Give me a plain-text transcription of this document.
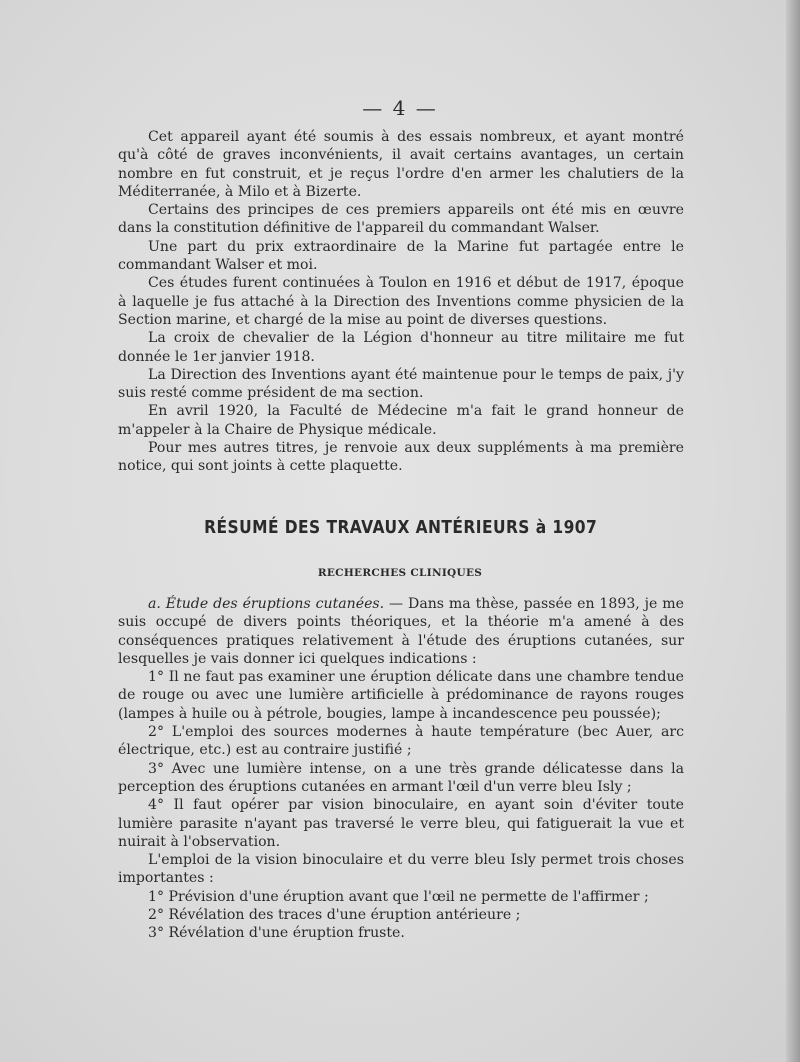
— 4 —

Cet appareil ayant été soumis à des essais nombreux, et ayant montré qu'à côté de graves inconvénients, il avait certains avantages, un certain nombre en fut construit, et je reçus l'ordre d'en armer les chalutiers de la Méditerranée, à Milo et à Bizerte.

Certains des principes de ces premiers appareils ont été mis en œuvre dans la constitution définitive de l'appareil du commandant Walser.

Une part du prix extraordinaire de la Marine fut partagée entre le commandant Walser et moi.

Ces études furent continuées à Toulon en 1916 et début de 1917, époque à laquelle je fus attaché à la Direction des Inventions comme physicien de la Section marine, et chargé de la mise au point de diverses questions.

La croix de chevalier de la Légion d'honneur au titre militaire me fut donnée le 1er janvier 1918.

La Direction des Inventions ayant été maintenue pour le temps de paix, j'y suis resté comme président de ma section.

En avril 1920, la Faculté de Médecine m'a fait le grand honneur de m'appeler à la Chaire de Physique médicale.

Pour mes autres titres, je renvoie aux deux suppléments à ma première notice, qui sont joints à cette plaquette.

RÉSUMÉ DES TRAVAUX ANTÉRIEURS à 1907
RECHERCHES CLINIQUES

a. Étude des éruptions cutanées. — Dans ma thèse, passée en 1893, je me suis occupé de divers points théoriques, et la théorie m'a amené à des conséquences pratiques relativement à l'étude des éruptions cutanées, sur lesquelles je vais donner ici quelques indications :

1° Il ne faut pas examiner une éruption délicate dans une chambre tendue de rouge ou avec une lumière artificielle à prédominance de rayons rouges (lampes à huile ou à pétrole, bougies, lampe à incandescence peu poussée);

2° L'emploi des sources modernes à haute température (bec Auer, arc électrique, etc.) est au contraire justifié ;

3° Avec une lumière intense, on a une très grande délicatesse dans la perception des éruptions cutanées en armant l'œil d'un verre bleu Isly ;

4° Il faut opérer par vision binoculaire, en ayant soin d'éviter toute lumière parasite n'ayant pas traversé le verre bleu, qui fatiguerait la vue et nuirait à l'observation.

L'emploi de la vision binoculaire et du verre bleu Isly permet trois choses importantes :

1° Prévision d'une éruption avant que l'œil ne permette de l'affirmer ;

2° Révélation des traces d'une éruption antérieure ;

3° Révélation d'une éruption fruste.
